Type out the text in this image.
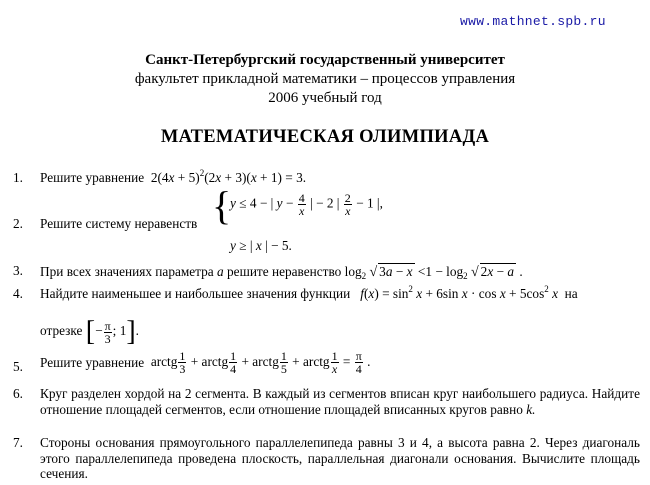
www.mathnet.spb.ru
Санкт-Петербургский государственный университет
факультет прикладной математики – процессов управления
2006 учебный год
МАТЕМАТИЧЕСКАЯ ОЛИМПИАДА
1. Решите уравнение $2(4x + 5)^2(2x + 3)(x + 1) = 3$.
2. Решите систему неравенств {
y ≤ 4 − | $y - \frac{4}{x}$ | − 2 | $\frac{2}{x} - 1$ |,
y ≥ | x | − 5.
3. При всех значениях параметра a решите неравенство $\log_2$ √ $3a - x <1 - \log_2$ √ 2x − a .
4. Найдите наименьшее и наибольшее значения функции $f(x) = \sin^2 x + 6\sin$ $x \cdot \cos x + 5\cos^2$ x на
отрезке [− $\frac{\pi}{3}$ ; 1].
5. Решите уравнение arctg $\frac{1}{3}$ + arctg $\frac{1}{4}$ + arctg $\frac{1}{5}$ + arctg $\frac{1}{x} = \frac{\pi}{4}$ .
6. Круг разделен хордой на 2 сегмента. В каждый из сегментов вписан круг наибольшего радиуса. Найдите отношение площадей сегментов, если отношение площадей вписанных кругов равно k.
7. Стороны основания прямоугольного параллелепипеда равны 3 и 4, а высота равна 2. Через диагональ этого параллелепипеда проведена плоскость, параллельная диагонали основания. Вычислите площадь сечения.
